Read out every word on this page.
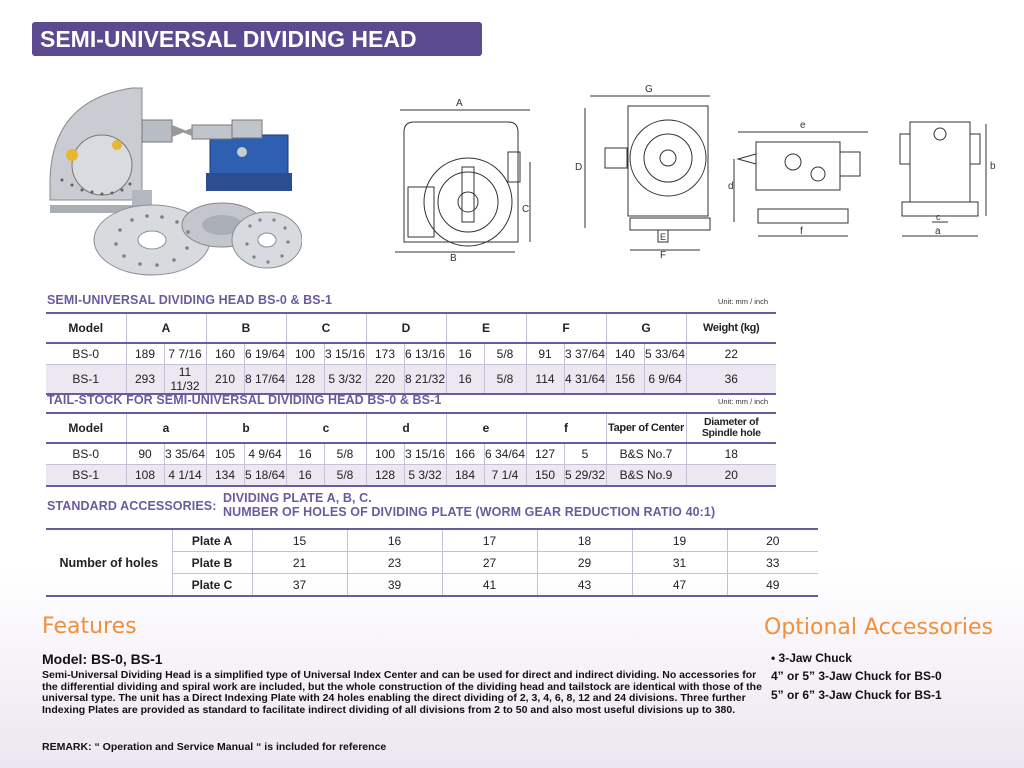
SEMI-UNIVERSAL DIVIDING HEAD
A
B
C
G
D
E
F
e
d
f
b
c
a
SEMI-UNIVERSAL DIVIDING HEAD BS-0 & BS-1	Unit: mm / inch
Model	A		B		C		D		E		F		G		Weight (kg)
BS-0	189	7 7/16	160	6 19/64	100	3 15/16	173	6 13/16	16	5/8	91	3 37/64	140	5 33/64	22
BS-1	293	11 11/32	210	8 17/64	128	5 3/32	220	8 21/32	16	5/8	114	4 31/64	156	6 9/64	36
TAIL-STOCK FOR SEMI-UNIVERSAL DIVIDING HEAD BS-0 & BS-1	Unit: mm / inch
Model	a		b		c		d		e		f		Taper of Center	Diameter of Spindle hole
BS-0	90	3 35/64	105	4 9/64	16	5/8	100	3 15/16	166	6 34/64	127	5	B&S No.7	18
BS-1	108	4 1/14	134	5 18/64	16	5/8	128	5 3/32	184	7 1/4	150	5 29/32	B&S No.9	20
STANDARD ACCESSORIES:
DIVIDING PLATE A, B, C.
NUMBER OF HOLES OF DIVIDING PLATE (WORM GEAR REDUCTION RATIO 40:1)
Number of holes	Plate A	15	16	17	18	19	20
	Plate B	21	23	27	29	31	33
	Plate C	37	39	41	43	47	49
Features
Model: BS-0, BS-1
Semi-Universal Dividing Head is a simplified type of Universal Index Center and can be used for direct and indirect dividing. No accessories for the differential dividing and spiral work are included, but the whole construction of the dividing head and tailstock are identical with those of the universal type. The unit has a Direct Indexing Plate with 24 holes enabling the direct dividing of 2, 3, 4, 6, 8, 12 and 24 divisions. Three further Indexing Plates are provided as standard to facilitate indirect dividing of all divisions from 2 to 50 and also most useful divisions up to 380.
REMARK: “ Operation and Service Manual “ is included for reference
Optional Accessories
• 3-Jaw Chuck
4” or 5” 3-Jaw Chuck for BS-0
5” or 6” 3-Jaw Chuck for BS-1
